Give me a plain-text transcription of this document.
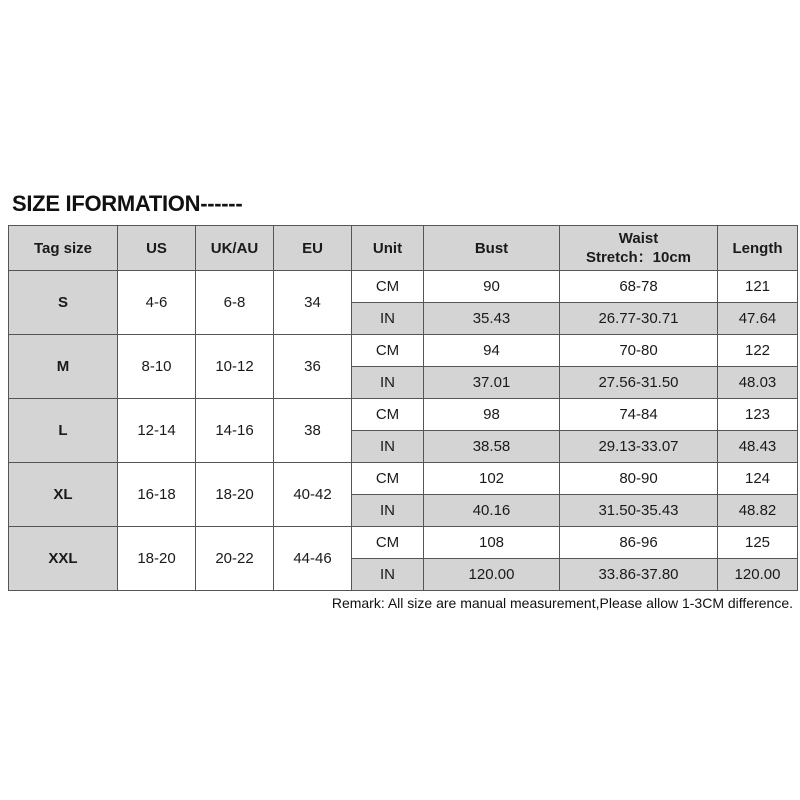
SIZE IFORMATION------
Tag size	US	UK/AU	EU	Unit	Bust	Waist
Stretch：10cm	Length
S	4-6	6-8	34	CM	90	68-78	121
				IN	35.43	26.77-30.71	47.64
M	8-10	10-12	36	CM	94	70-80	122
				IN	37.01	27.56-31.50	48.03
L	12-14	14-16	38	CM	98	74-84	123
				IN	38.58	29.13-33.07	48.43
XL	16-18	18-20	40-42	CM	102	80-90	124
				IN	40.16	31.50-35.43	48.82
XXL	18-20	20-22	44-46	CM	108	86-96	125
				IN	120.00	33.86-37.80	120.00
Remark: All size are manual measurement,Please allow 1-3CM difference.
